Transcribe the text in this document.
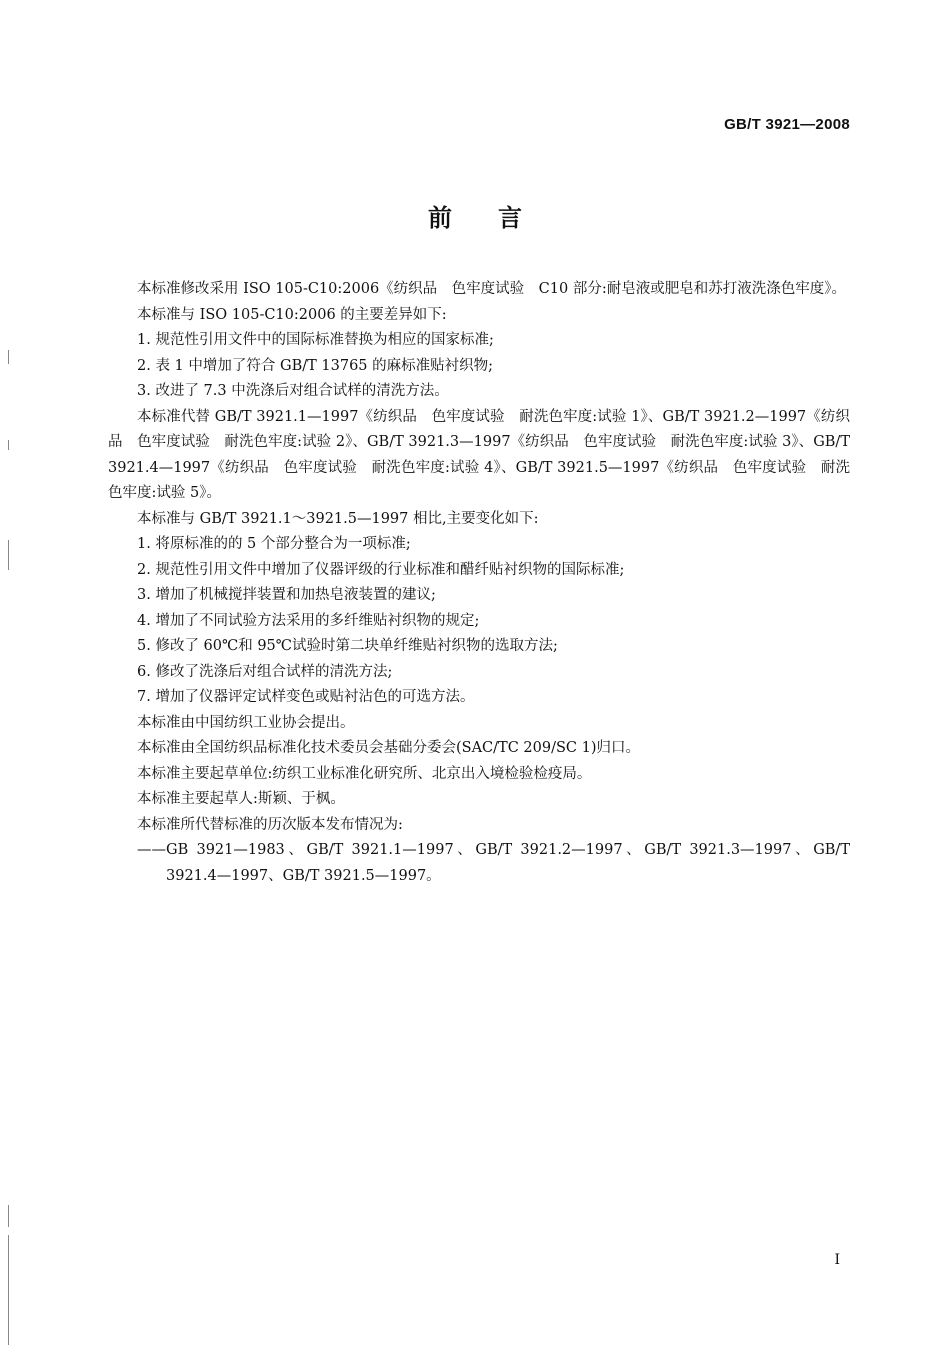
GB/T 3921—2008
前 言

本标准修改采用 ISO 105-C10:2006《纺织品　色牢度试验　C10 部分:耐皂液或肥皂和苏打液洗涤色牢度》。

本标准与 ISO 105-C10:2006 的主要差异如下:

1. 规范性引用文件中的国际标准替换为相应的国家标准;

2. 表 1 中增加了符合 GB/T 13765 的麻标准贴衬织物;

3. 改进了 7.3 中洗涤后对组合试样的清洗方法。

本标准代替 GB/T 3921.1—1997《纺织品　色牢度试验　耐洗色牢度:试验 1》、GB/T 3921.2—1997《纺织品　色牢度试验　耐洗色牢度:试验 2》、GB/T 3921.3—1997《纺织品　色牢度试验　耐洗色牢度:试验 3》、GB/T 3921.4—1997《纺织品　色牢度试验　耐洗色牢度:试验 4》、GB/T 3921.5—1997《纺织品　色牢度试验　耐洗色牢度:试验 5》。

本标准与 GB/T 3921.1～3921.5—1997 相比,主要变化如下:

1. 将原标准的的 5 个部分整合为一项标准;

2. 规范性引用文件中增加了仪器评级的行业标准和醋纤贴衬织物的国际标准;

3. 增加了机械搅拌装置和加热皂液装置的建议;

4. 增加了不同试验方法采用的多纤维贴衬织物的规定;

5. 修改了 60℃和 95℃试验时第二块单纤维贴衬织物的选取方法;

6. 修改了洗涤后对组合试样的清洗方法;

7. 增加了仪器评定试样变色或贴衬沾色的可选方法。

本标准由中国纺织工业协会提出。

本标准由全国纺织品标准化技术委员会基础分委会(SAC/TC 209/SC 1)归口。

本标准主要起草单位:纺织工业标准化研究所、北京出入境检验检疫局。

本标准主要起草人:斯颖、于枫。

本标准所代替标准的历次版本发布情况为:

——GB 3921—1983、GB/T 3921.1—1997、GB/T 3921.2—1997、GB/T 3921.3—1997、GB/T 3921.4—1997、GB/T 3921.5—1997。

I
